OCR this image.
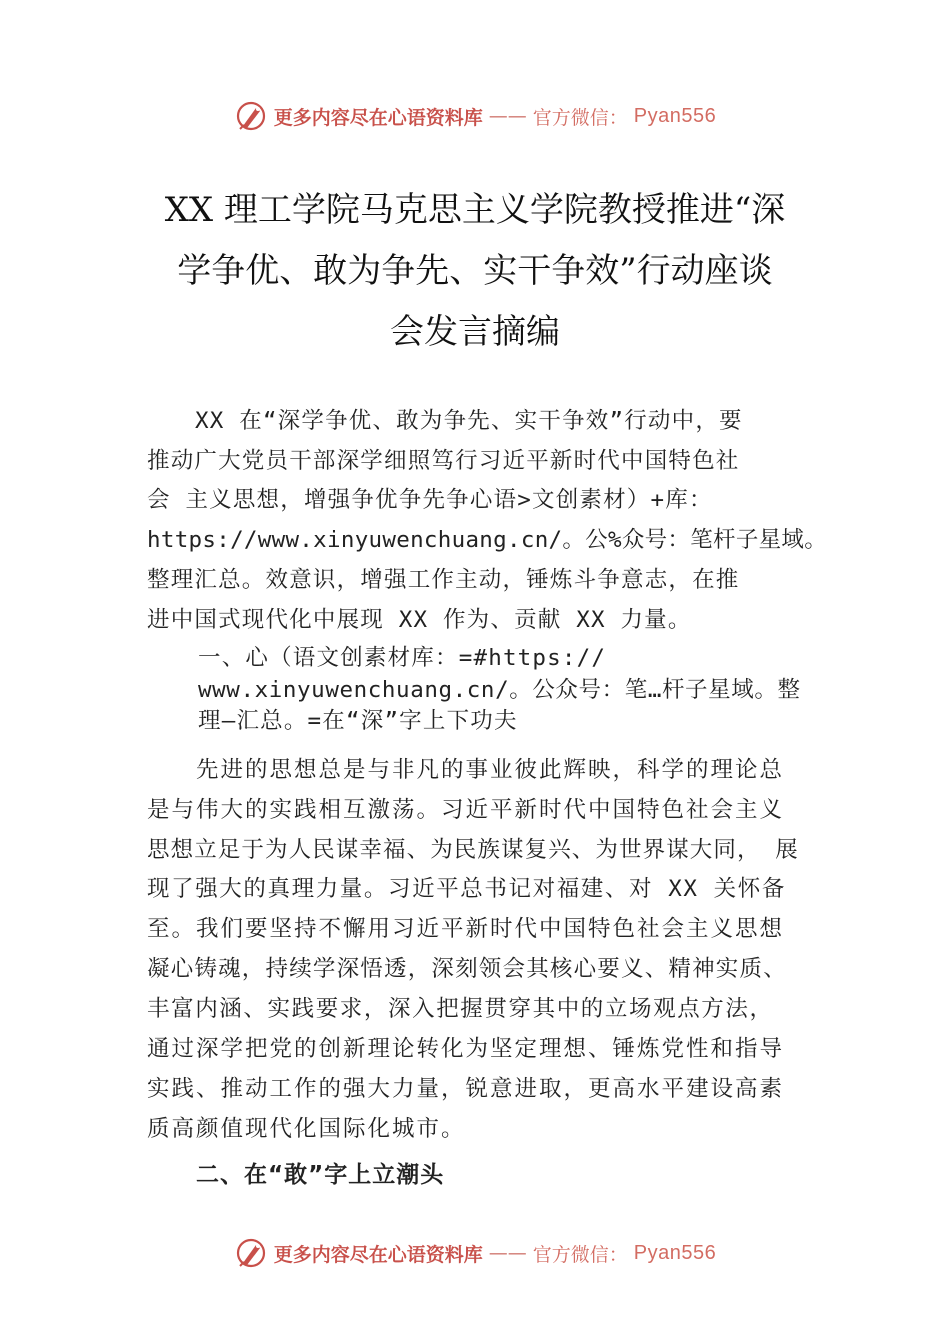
更多内容尽在心语资料库 —— 官方微信： Pyan556
XX 理工学院马克思主义学院教授推进“深
学争优、敢为争先、实干争效”行动座谈
会发言摘编

XX 在“深学争优、敢为争先、实干争效”行动中，要
推动广大党员干部深学细照笃行习近平新时代中国特色社
会 主义思想，增强争优争先争心语>文创素材）+库：
https://www.xinyuwenchuang.cn/。公%众号：笔杆子星域。
整理汇总。效意识，增强工作主动，锤炼斗争意志，在推
进中国式现代化中展现 XX 作为、贡献 XX 力量。

一、心（语文创素材库：=#https://
www.xinyuwenchuang.cn/。公众号：笔…杆子星域。整
理—汇总。=在“深”字上下功夫
先进的思想总是与非凡的事业彼此辉映，科学的理论总
是与伟大的实践相互激荡。习近平新时代中国特色社会主义
思想立足于为人民谋幸福、为民族谋复兴、为世界谋大同， 展
现了强大的真理力量。习近平总书记对福建、对 XX 关怀备
至。我们要坚持不懈用习近平新时代中国特色社会主义思想
凝心铸魂，持续学深悟透，深刻领会其核心要义、精神实质、
丰富内涵、实践要求，深入把握贯穿其中的立场观点方法，
通过深学把党的创新理论转化为坚定理想、锤炼党性和指导
实践、推动工作的强大力量，锐意进取，更高水平建设高素
质高颜值现代化国际化城市。
二、在“敢”字上立潮头
更多内容尽在心语资料库 —— 官方微信： Pyan556
